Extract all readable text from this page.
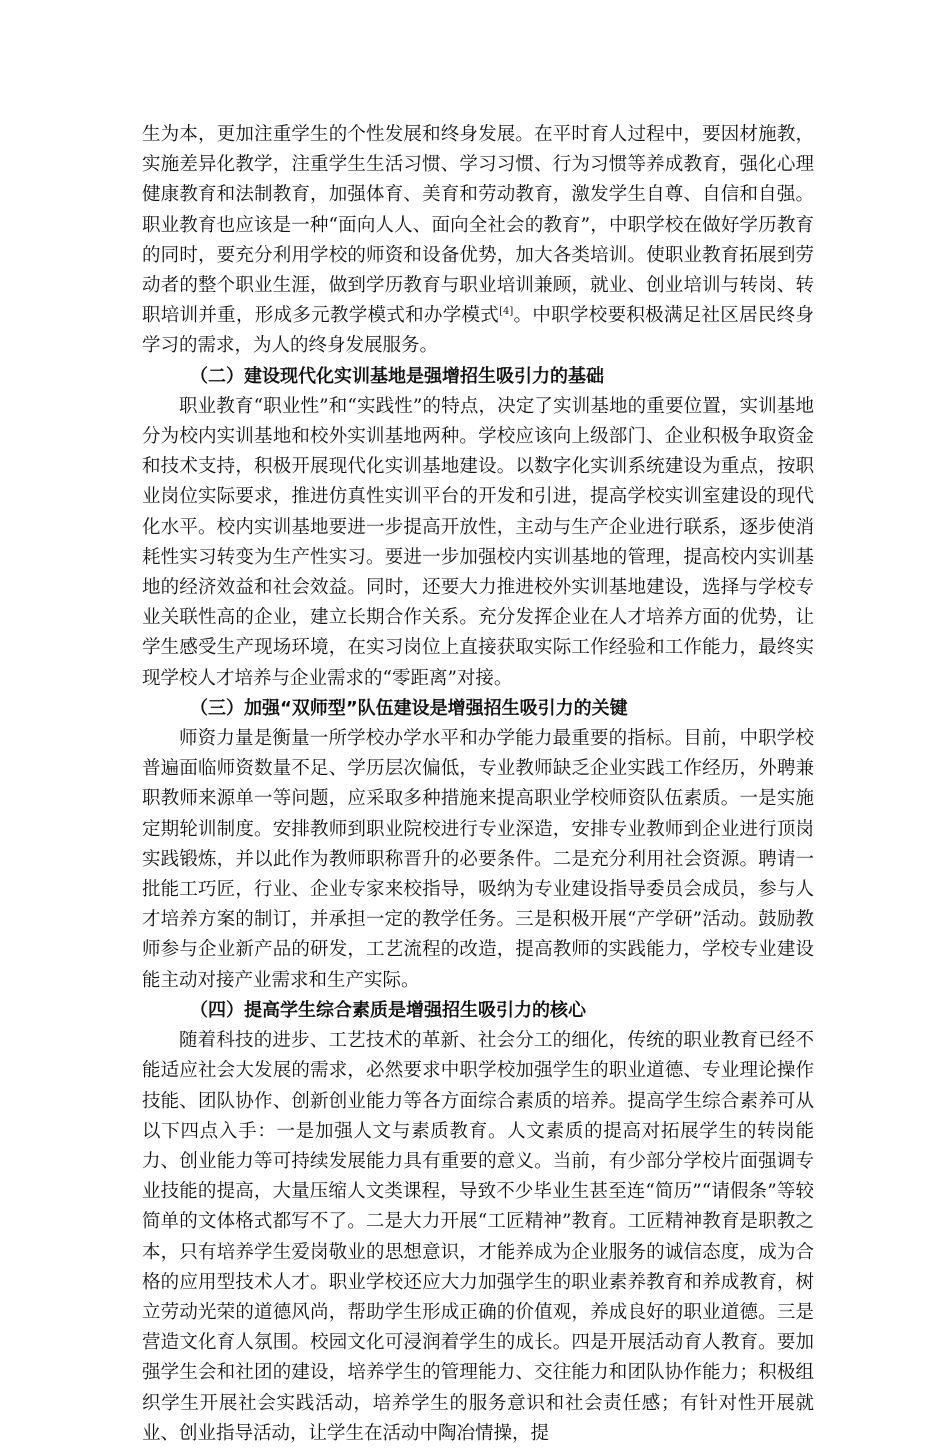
生为本，更加注重学生的个性发展和终身发展。在平时育人过程中，要因材施教，实施差异化教学，注重学生生活习惯、学习习惯、行为习惯等养成教育，强化心理健康教育和法制教育，加强体育、美育和劳动教育，激发学生自尊、自信和自强。职业教育也应该是一种“面向人人、面向全社会的教育”，中职学校在做好学历教育的同时，要充分利用学校的师资和设备优势，加大各类培训。使职业教育拓展到劳动者的整个职业生涯，做到学历教育与职业培训兼顾，就业、创业培训与转岗、转职培训并重，形成多元教学模式和办学模式[4]。中职学校要积极满足社区居民终身学习的需求，为人的终身发展服务。

（二）建设现代化实训基地是强增招生吸引力的基础

职业教育“职业性”和“实践性”的特点，决定了实训基地的重要位置，实训基地分为校内实训基地和校外实训基地两种。学校应该向上级部门、企业积极争取资金和技术支持，积极开展现代化实训基地建设。以数字化实训系统建设为重点，按职业岗位实际要求，推进仿真性实训平台的开发和引进，提高学校实训室建设的现代化水平。校内实训基地要进一步提高开放性，主动与生产企业进行联系，逐步使消耗性实习转变为生产性实习。要进一步加强校内实训基地的管理，提高校内实训基地的经济效益和社会效益。同时，还要大力推进校外实训基地建设，选择与学校专业关联性高的企业，建立长期合作关系。充分发挥企业在人才培养方面的优势，让学生感受生产现场环境，在实习岗位上直接获取实际工作经验和工作能力，最终实现学校人才培养与企业需求的“零距离”对接。

（三）加强“双师型”队伍建设是增强招生吸引力的关键

师资力量是衡量一所学校办学水平和办学能力最重要的指标。目前，中职学校普遍面临师资数量不足、学历层次偏低，专业教师缺乏企业实践工作经历，外聘兼职教师来源单一等问题，应采取多种措施来提高职业学校师资队伍素质。一是实施定期轮训制度。安排教师到职业院校进行专业深造，安排专业教师到企业进行顶岗实践锻炼，并以此作为教师职称晋升的必要条件。二是充分利用社会资源。聘请一批能工巧匠，行业、企业专家来校指导，吸纳为专业建设指导委员会成员，参与人才培养方案的制订，并承担一定的教学任务。三是积极开展“产学研”活动。鼓励教师参与企业新产品的研发，工艺流程的改造，提高教师的实践能力，学校专业建设能主动对接产业需求和生产实际。

（四）提高学生综合素质是增强招生吸引力的核心

随着科技的进步、工艺技术的革新、社会分工的细化，传统的职业教育已经不能适应社会大发展的需求，必然要求中职学校加强学生的职业道德、专业理论操作技能、团队协作、创新创业能力等各方面综合素质的培养。提高学生综合素养可从以下四点入手：一是加强人文与素质教育。人文素质的提高对拓展学生的转岗能力、创业能力等可持续发展能力具有重要的意义。当前，有少部分学校片面强调专业技能的提高，大量压缩人文类课程，导致不少毕业生甚至连“简历”“请假条”等较简单的文体格式都写不了。二是大力开展“工匠精神”教育。工匠精神教育是职教之本，只有培养学生爱岗敬业的思想意识，才能养成为企业服务的诚信态度，成为合格的应用型技术人才。职业学校还应大力加强学生的职业素养教育和养成教育，树立劳动光荣的道德风尚，帮助学生形成正确的价值观，养成良好的职业道德。三是营造文化育人氛围。校园文化可浸润着学生的成长。四是开展活动育人教育。要加强学生会和社团的建设，培养学生的管理能力、交往能力和团队协作能力；积极组织学生开展社会实践活动，培养学生的服务意识和社会责任感；有针对性开展就业、创业指导活动，让学生在活动中陶冶情操，提
